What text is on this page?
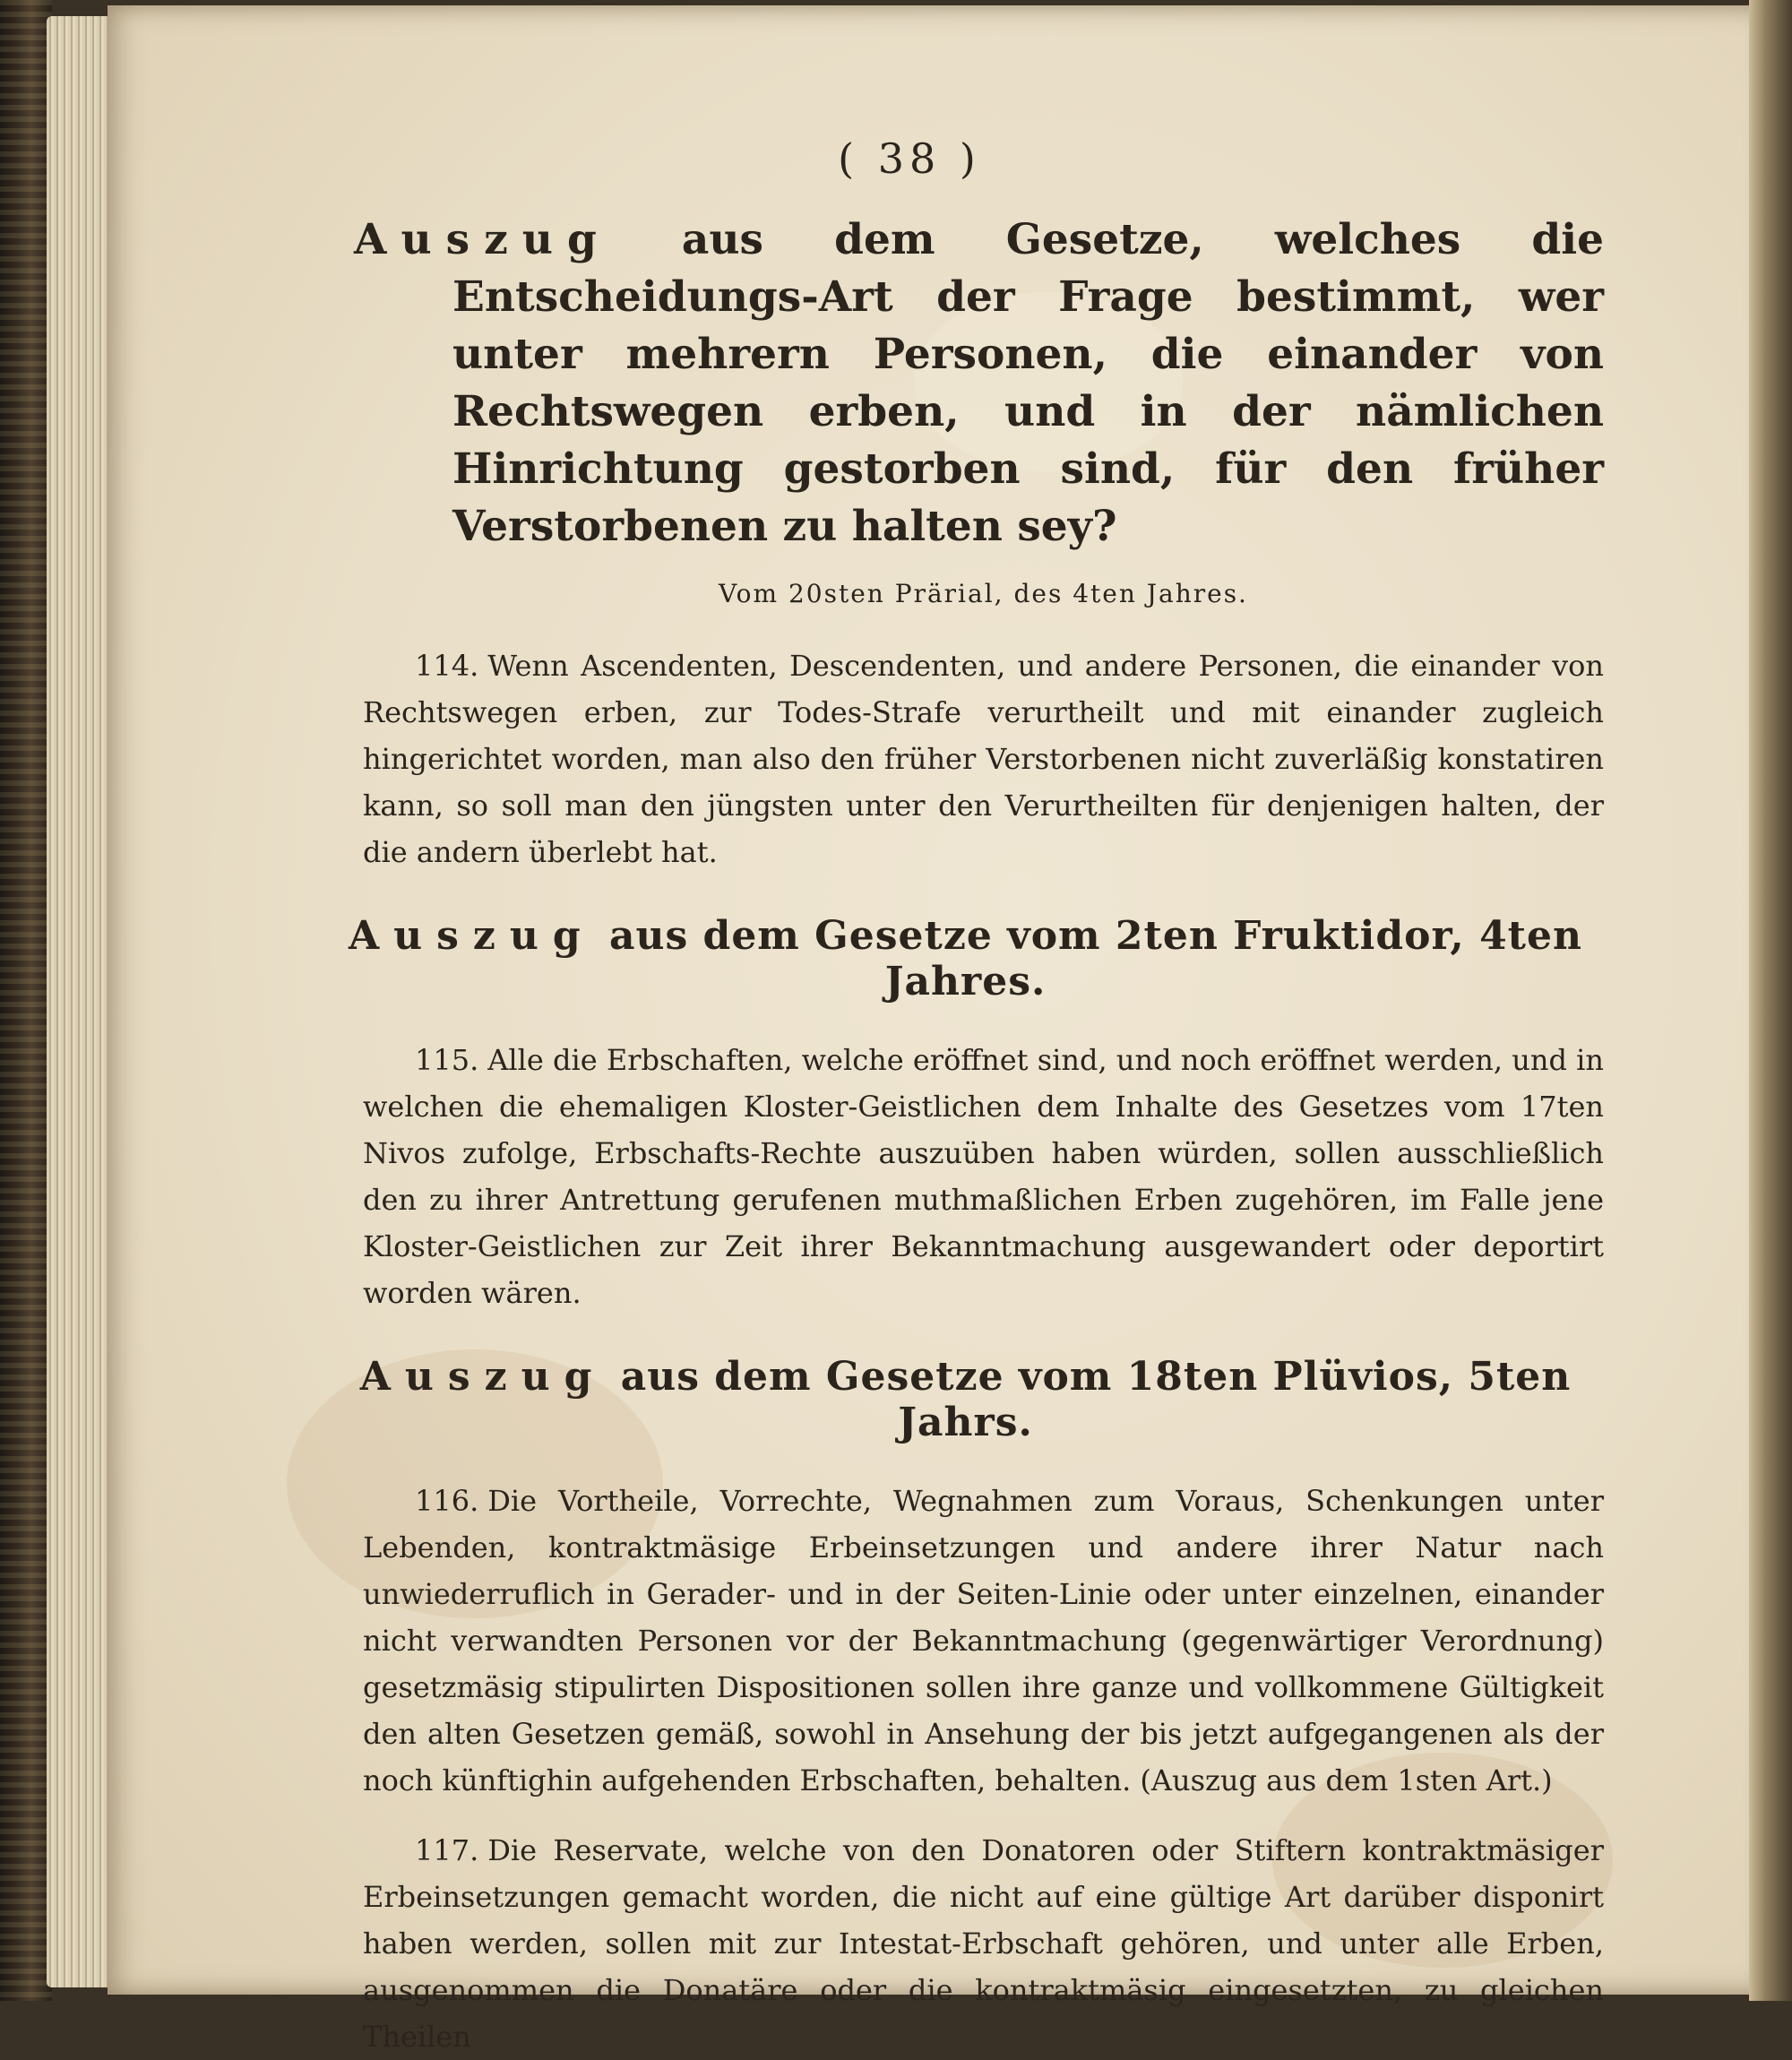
( 38 )
Auszug aus dem Gesetze, welches die Entscheidungs-Art der Frage bestimmt, wer unter mehrern Personen, die einander von Rechtswegen erben, und in der nämlichen Hinrichtung gestorben sind, für den früher Verstorbenen zu halten sey?
Vom 20sten Prärial, des 4ten Jahres.

114. Wenn Ascendenten, Descendenten, und andere Personen, die einander von Rechtswegen erben, zur Todes-Strafe verurtheilt und mit einander zugleich hingerichtet worden, man also den früher Verstorbenen nicht zuverläßig konstatiren kann, so soll man den jüngsten unter den Verurtheilten für denjenigen halten, der die andern überlebt hat.

Auszug aus dem Gesetze vom 2ten Fruktidor, 4ten Jahres.

115. Alle die Erbschaften, welche eröffnet sind, und noch eröffnet werden, und in welchen die ehemaligen Kloster-Geistlichen dem Inhalte des Gesetzes vom 17ten Nivos zufolge, Erbschafts-Rechte auszuüben haben würden, sollen ausschließlich den zu ihrer Antrettung gerufenen muthmaßlichen Erben zugehören, im Falle jene Kloster-Geistlichen zur Zeit ihrer Bekanntmachung ausgewandert oder deportirt worden wären.

Auszug aus dem Gesetze vom 18ten Plüvios, 5ten Jahrs.

116. Die Vortheile, Vorrechte, Wegnahmen zum Voraus, Schenkungen unter Lebenden, kontraktmäsige Erbeinsetzungen und andere ihrer Natur nach unwiederruflich in Gerader- und in der Seiten-Linie oder unter einzelnen, einander nicht verwandten Personen vor der Bekanntmachung (gegenwärtiger Verordnung) gesetzmäsig stipulirten Dispositionen sollen ihre ganze und vollkommene Gültigkeit den alten Gesetzen gemäß, sowohl in Ansehung der bis jetzt aufgegangenen als der noch künftighin aufgehenden Erbschaften, behalten. (Auszug aus dem 1sten Art.)

117. Die Reservate, welche von den Donatoren oder Stiftern kontraktmäsiger Erbeinsetzungen gemacht worden, die nicht auf eine gültige Art darüber disponirt haben werden, sollen mit zur Intestat-Erbschaft gehören, und unter alle Erben, ausgenommen die Donatäre oder die kontraktmäsig eingesetzten, zu gleichen Theilen
